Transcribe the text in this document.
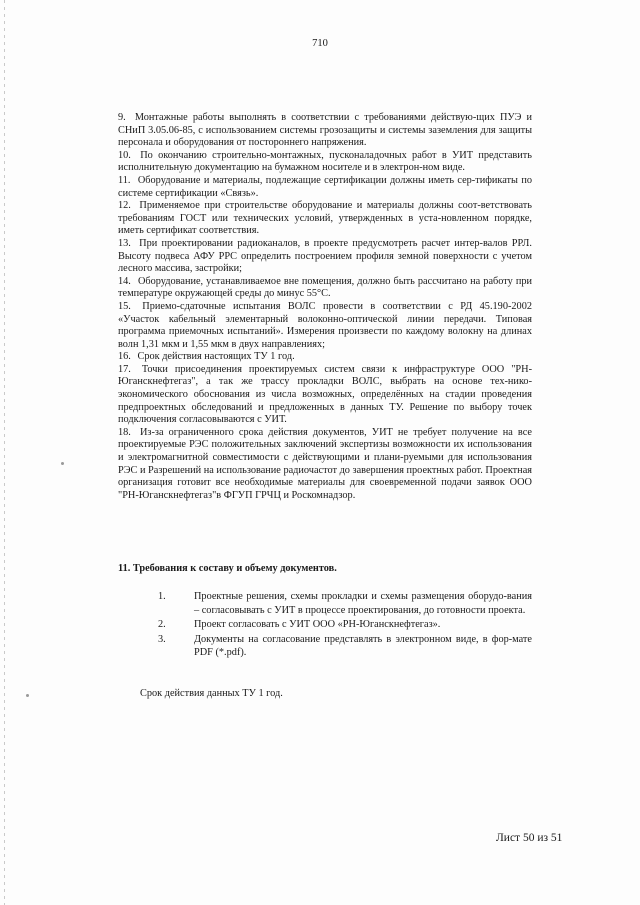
710

9. Монтажные работы выполнять в соответствии с требованиями действую-щих ПУЭ и СНиП 3.05.06-85, с использованием системы грозозащиты и системы заземления для защиты персонала и оборудования от постороннего напряжения.

10. По окончанию строительно-монтажных, пусконаладочных работ в УИТ представить исполнительную документацию на бумажном носителе и в электрон-ном виде.

11. Оборудование и материалы, подлежащие сертификации должны иметь сер-тификаты по системе сертификации «Связь».

12. Применяемое при строительстве оборудование и материалы должны соот-ветствовать требованиям ГОСТ или технических условий, утвержденных в уста-новленном порядке, иметь сертификат соответствия.

13. При проектировании радиоканалов, в проекте предусмотреть расчет интер-валов РРЛ. Высоту подвеса АФУ РРС определить построением профиля земной поверхности с учетом лесного массива, застройки;

14. Оборудование, устанавливаемое вне помещения, должно быть рассчитано на работу при температуре окружающей среды до минус 55°С.

15. Приемо-сдаточные испытания ВОЛС провести в соответствии с РД 45.190-2002 «Участок кабельный элементарный волоконно-оптической линии передачи. Типовая программа приемочных испытаний». Измерения произвести по каждому волокну на длинах волн 1,31 мкм и 1,55 мкм в двух направлениях;

16. Срок действия настоящих ТУ 1 год.

17. Точки присоединения проектируемых систем связи к инфраструктуре ООО "РН-Юганскнефтегаз", а так же трассу прокладки ВОЛС, выбрать на основе тех-нико-экономического обоснования из числа возможных, определённых на стадии проведения предпроектных обследований и предложенных в данных ТУ. Решение по выбору точек подключения согласовываются с УИТ.

18. Из-за ограниченного срока действия документов, УИТ не требует получение на все проектируемые РЭС положительных заключений экспертизы возможности их использования и электромагнитной совместимости с действующими и плани-руемыми для использования РЭС и Разрешений на использование радиочастот до завершения проектных работ. Проектная организация готовит все необходимые материалы для своевременной подачи заявок ООО "РН-Юганскнефтегаз"в ФГУП ГРЧЦ и Роскомнадзор.

11. Требования к составу и объему документов.
1.	Проектные решения, схемы прокладки и схемы размещения оборудо-вания – согласовывать с УИТ в процессе проектирования, до готовности проекта.
2.	Проект согласовать с УИТ ООО «РН-Юганскнефтегаз».
3.	Документы на согласование представлять в электронном виде, в фор-мате PDF (*.pdf).
Срок действия данных ТУ 1 год.
Лист 50 из 51
